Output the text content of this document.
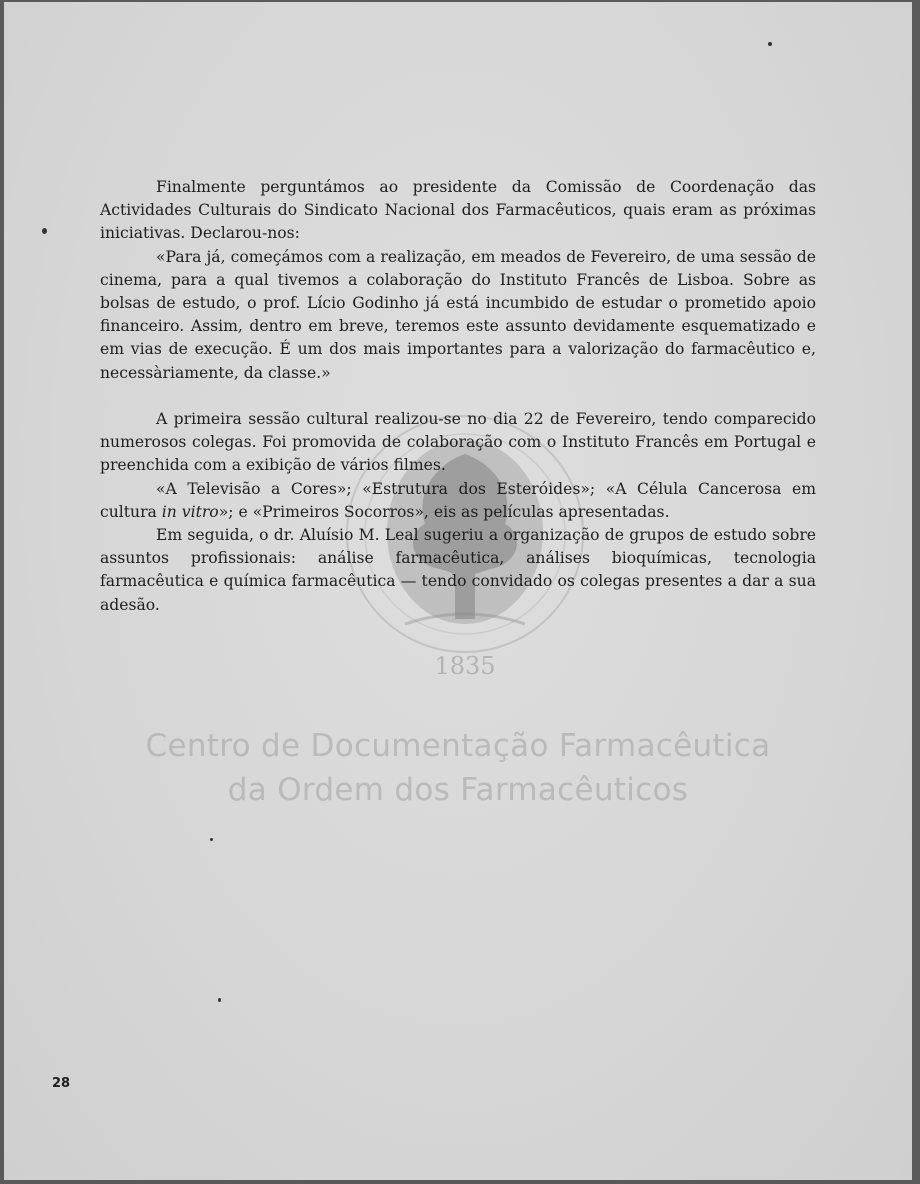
1835

Finalmente perguntámos ao presidente da Comissão de Coordenação das Actividades Culturais do Sindicato Nacional dos Farmacêuticos, quais eram as próximas iniciativas. Declarou-nos:

«Para já, começámos com a realização, em meados de Fevereiro, de uma sessão de cinema, para a qual tivemos a colaboração do Instituto Francês de Lisboa. Sobre as bolsas de estudo, o prof. Lício Godinho já está incumbido de estudar o prometido apoio financeiro. Assim, dentro em breve, teremos este assunto devidamente esquematizado e em vias de execução. É um dos mais importantes para a valorização do farmacêutico e, necessàriamente, da classe.»

A primeira sessão cultural realizou-se no dia 22 de Fevereiro, tendo comparecido numerosos colegas. Foi promovida de colaboração com o Instituto Francês em Portugal e preenchida com a exibição de vários filmes.

«A Televisão a Cores»; «Estrutura dos Esteróides»; «A Célula Cancerosa em cultura in vitro»; e «Primeiros Socorros», eis as películas apresentadas.

Em seguida, o dr. Aluísio M. Leal sugeriu a organização de grupos de estudo sobre assuntos profissionais: análise farmacêutica, análises bioquímicas, tecnologia farmacêutica e química farmacêutica — tendo convidado os colegas presentes a dar a sua adesão.

Centro de Documentação Farmacêutica
da Ordem dos Farmacêuticos
28
